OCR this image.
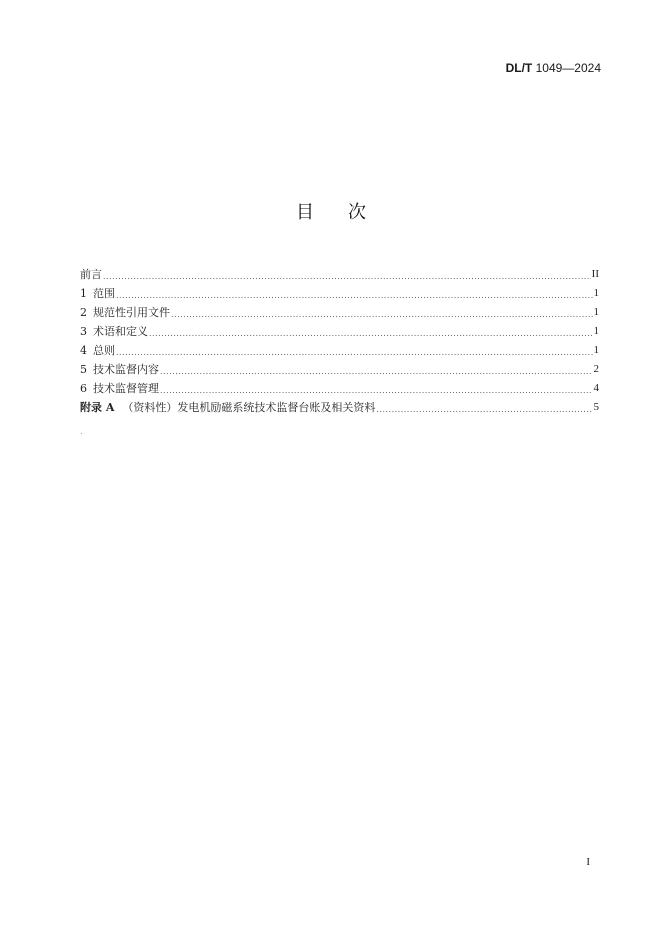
DL/T 1049—2024
目次
前言 .....	II
1 范围 .....	1
2 规范性引用文件 .....	1
3 术语和定义 .....	1
4 总则 .....	1
5 技术监督内容 .....	2
6 技术监督管理 .....	4
附录 A （资料性）发电机励磁系统技术监督台账及相关资料 .....	5
I
